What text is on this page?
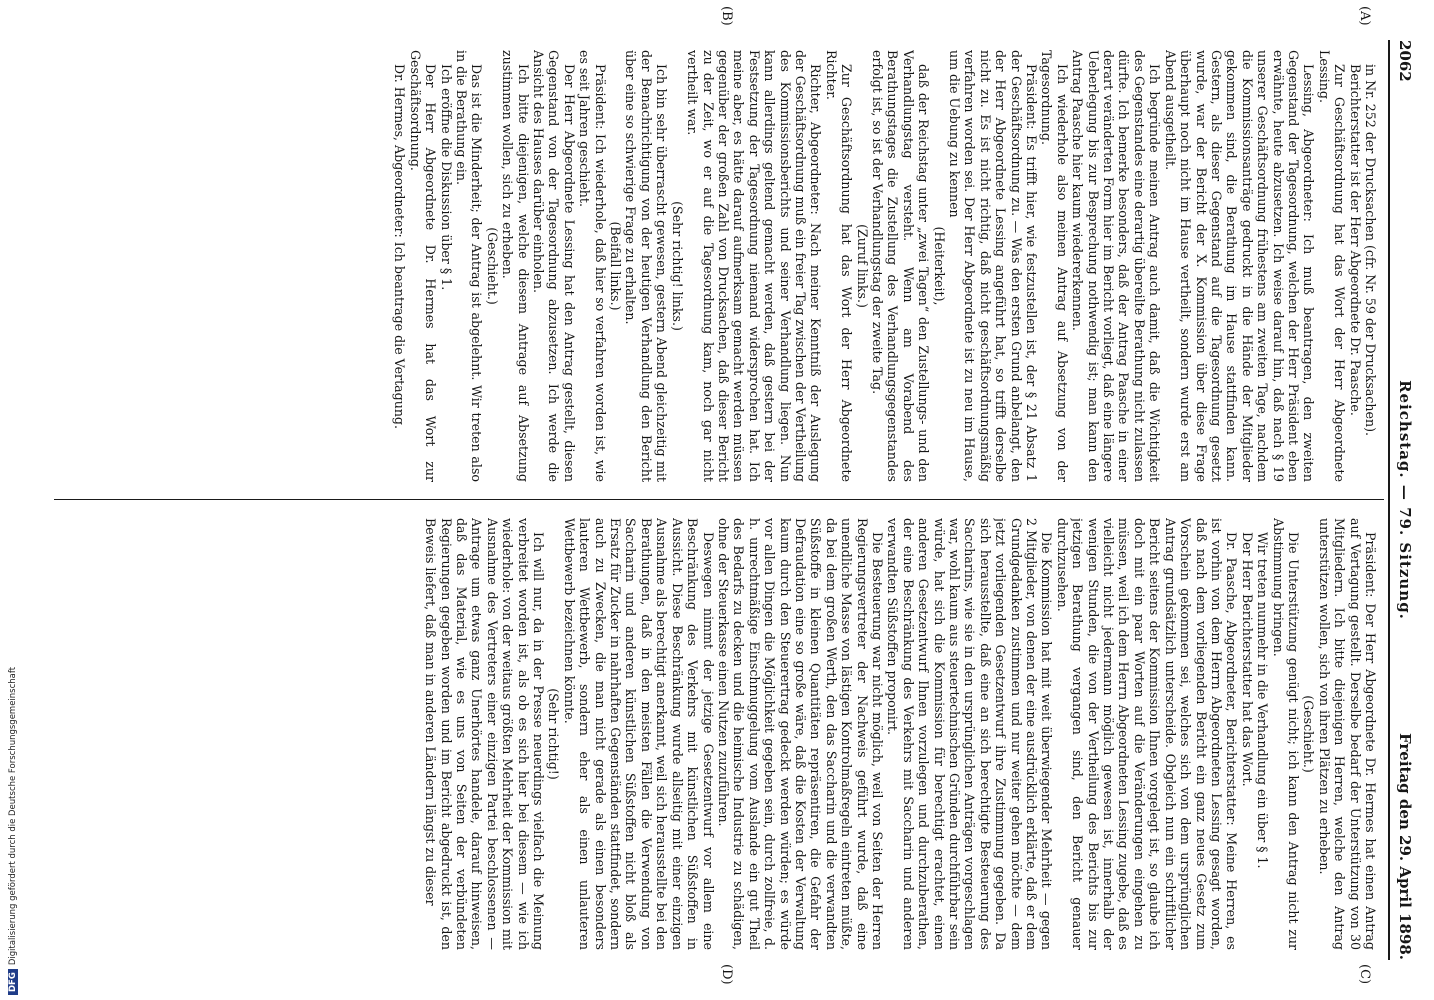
2062
Reichstag. — 79. Sitzung.
Freitag den 29. April 1898.
(A)
(B)
(C)
(D)

in Nr. 252 der Drucksachen (cfr. Nr. 59 der Drucksachen).

Berichterstatter ist der Herr Abgeordnete Dr. Paasche.

Zur Geschäftsordnung hat das Wort der Herr Abgeordnete Lessing.

Lessing, Abgeordneter: Ich muß beantragen, den zweiten Gegenstand der Tagesordnung, welchen der Herr Präsident eben erwähnte, heute abzusetzen. Ich weise darauf hin, daß nach § 19 unserer Geschäftsordnung frühestens am zweiten Tage, nachdem die Kommissionsanträge gedruckt in die Hände der Mitglieder gekommen sind, die Berathung im Hause stattfinden kann. Gestern, als dieser Gegenstand auf die Tagesordnung gesetzt wurde, war der Bericht der X. Kommission über diese Frage überhaupt noch nicht im Hause vertheilt, sondern wurde erst am Abend ausgetheilt.

Ich begründe meinen Antrag auch damit, daß die Wichtigkeit des Gegenstandes eine derartig übereilte Berathung nicht zulassen dürfte. Ich bemerke besonders, daß der Antrag Paasche in einer derart veränderten Form hier im Bericht vorliegt, daß eine längere Ueberlegung bis zur Besprechung nothwendig ist; man kann den Antrag Paasche hier kaum wiedererkennen.

Ich wiederhole also meinen Antrag auf Absetzung von der Tagesordnung.

Präsident: Es trifft hier, wie festzustellen ist, der § 21 Absatz 1 der Geschäftsordnung zu. — Was den ersten Grund anbelangt, den der Herr Abgeordnete Lessing angeführt hat, so trifft derselbe nicht zu. Es ist nicht richtig, daß nicht geschäftsordnungsmäßig verfahren worden sei. Der Herr Abgeordnete ist zu neu im Hause, um die Uebung zu kennen

(Heiterkeit),

daß der Reichstag unter „zwei Tagen“ den Zustellungs- und den Verhandlungstag versteht. Wenn am Vorabend des Berathungstages die Zustellung des Verhandlungsgegenstandes erfolgt ist, so ist der Verhandlungstag der zweite Tag.

(Zuruf links.)

Zur Geschäftsordnung hat das Wort der Herr Abgeordnete Richter.

Richter, Abgeordneter: Nach meiner Kenntniß der Auslegung der Geschäftsordnung muß ein freier Tag zwischen der Vertheilung des Kommissionsberichts und seiner Verhandlung liegen. Nun kann allerdings geltend gemacht werden, daß gestern bei der Festsetzung der Tagesordnung niemand widersprochen hat. Ich meine aber, es hätte darauf aufmerksam gemacht werden müssen gegenüber der großen Zahl von Drucksachen, daß dieser Bericht zu der Zeit, wo er auf die Tagesordnung kam, noch gar nicht vertheilt war.

(Sehr richtig! links.)

Ich bin sehr überrascht gewesen, gestern Abend gleichzeitig mit der Benachrichtigung von der heutigen Verhandlung den Bericht über eine so schwierige Frage zu erhalten.

(Beifall links.)

Präsident: Ich wiederhole, daß hier so verfahren worden ist, wie es seit Jahren geschieht.

Der Herr Abgeordnete Lessing hat den Antrag gestellt, diesen Gegenstand von der Tagesordnung abzusetzen. Ich werde die Ansicht des Hauses darüber einholen.

Ich bitte diejenigen, welche diesem Antrage auf Absetzung zustimmen wollen, sich zu erheben.

(Geschieht.)

Das ist die Minderheit; der Antrag ist abgelehnt. Wir treten also in die Berathung ein.

Ich eröffne die Diskussion über § 1.

Der Herr Abgeordnete Dr. Hermes hat das Wort zur Geschäftsordnung.

Dr. Hermes, Abgeordneter: Ich beantrage die Vertagung.

Präsident: Der Herr Abgeordnete Dr. Hermes hat einen Antrag auf Vertagung gestellt. Derselbe bedarf der Unterstützung von 30 Mitgliedern. Ich bitte diejenigen Herren, welche den Antrag unterstützen wollen, sich von ihren Plätzen zu erheben.

(Geschieht.)

Die Unterstützung genügt nicht; ich kann den Antrag nicht zur Abstimmung bringen.

Wir treten nunmehr in die Verhandlung ein über § 1.

Der Herr Berichterstatter hat das Wort.

Dr. Paasche, Abgeordneter, Berichterstatter: Meine Herren, es ist vorhin von dem Herrn Abgeordneten Lessing gesagt worden, daß nach dem vorliegenden Bericht ein ganz neues Gesetz zum Vorschein gekommen sei, welches sich von dem ursprünglichen Antrag grundsätzlich unterscheide. Obgleich nun ein schriftlicher Bericht seitens der Kommission Ihnen vorgelegt ist, so glaube ich doch mit ein paar Worten auf die Veränderungen eingehen zu müssen, weil ich dem Herrn Abgeordneten Lessing zugebe, daß es vielleicht nicht jedermann möglich gewesen ist, innerhalb der wenigen Stunden, die von der Vertheilung des Berichts bis zur jetzigen Berathung vergangen sind, den Bericht genauer durchzusehen.

Die Kommission hat mit weit überwiegender Mehrheit — gegen 2 Mitglieder, von denen der eine ausdrücklich erklärte, daß er dem Grundgedanken zustimmen und nur weiter gehen möchte — dem jetzt vorliegenden Gesetzentwurf ihre Zustimmung gegeben. Da sich herausstellte, daß eine an sich berechtigte Besteuerung des Saccharins, wie sie in den ursprünglichen Anträgen vorgeschlagen war, wohl kaum aus steuertechnischen Gründen durchführbar sein würde, hat sich die Kommission für berechtigt erachtet, einen anderen Gesetzentwurf Ihnen vorzulegen und durchzuberathen, der eine Beschränkung des Verkehrs mit Saccharin und anderen verwandten Süßstoffen proponirt.

Die Besteuerung war nicht möglich, weil von Seiten der Herren Regierungsvertreter der Nachweis geführt wurde, daß eine unendliche Masse von lästigen Kontrolmaßregeln eintreten müßte, da bei dem großen Werth, den das Saccharin und die verwandten Süßstoffe in kleinen Quantitäten repräsentiren, die Gefahr der Defraudation eine so große wäre, daß die Kosten der Verwaltung kaum durch den Steuerertrag gedeckt werden würden; es würde vor allen Dingen die Möglichkeit gegeben sein, durch zollfreie, d. h. unrechtmäßige Einschmuggelung vom Auslande ein gut Theil des Bedarfs zu decken und die heimische Industrie zu schädigen, ohne der Steuerkasse einen Nutzen zuzuführen.

Deswegen nimmt der jetzige Gesetzentwurf vor allem eine Beschränkung des Verkehrs mit künstlichen Süßstoffen in Aussicht. Diese Beschränkung wurde allseitig mit einer einzigen Ausnahme als berechtigt anerkannt, weil sich herausstellte bei den Berathungen, daß in den meisten Fällen die Verwendung von Saccharin und anderen künstlichen Süßstoffen nicht bloß als Ersatz für Zucker in nahrhaften Gegenständen stattfindet, sondern auch zu Zwecken, die man nicht gerade als einen besonders lauteren Wettbewerb, sondern eher als einen unlauteren Wettbewerb bezeichnen könnte.

(Sehr richtig!)

Ich will nur, da in der Presse neuerdings vielfach die Meinung verbreitet worden ist, als ob es sich hier bei diesem — wie ich wiederhole: von der weitaus größten Mehrheit der Kommission mit Ausnahme des Vertreters einer einzigen Partei beschlossenen — Antrage um etwas ganz Unerhörtes handele, darauf hinweisen, daß das Material, wie es uns von Seiten der verbündeten Regierungen gegeben worden und im Bericht abgedruckt ist, den Beweis liefert, daß man in anderen Ländern längst zu dieser

DFGDigitalisierung gefördert durch die Deutsche Forschungsgemeinschaft
